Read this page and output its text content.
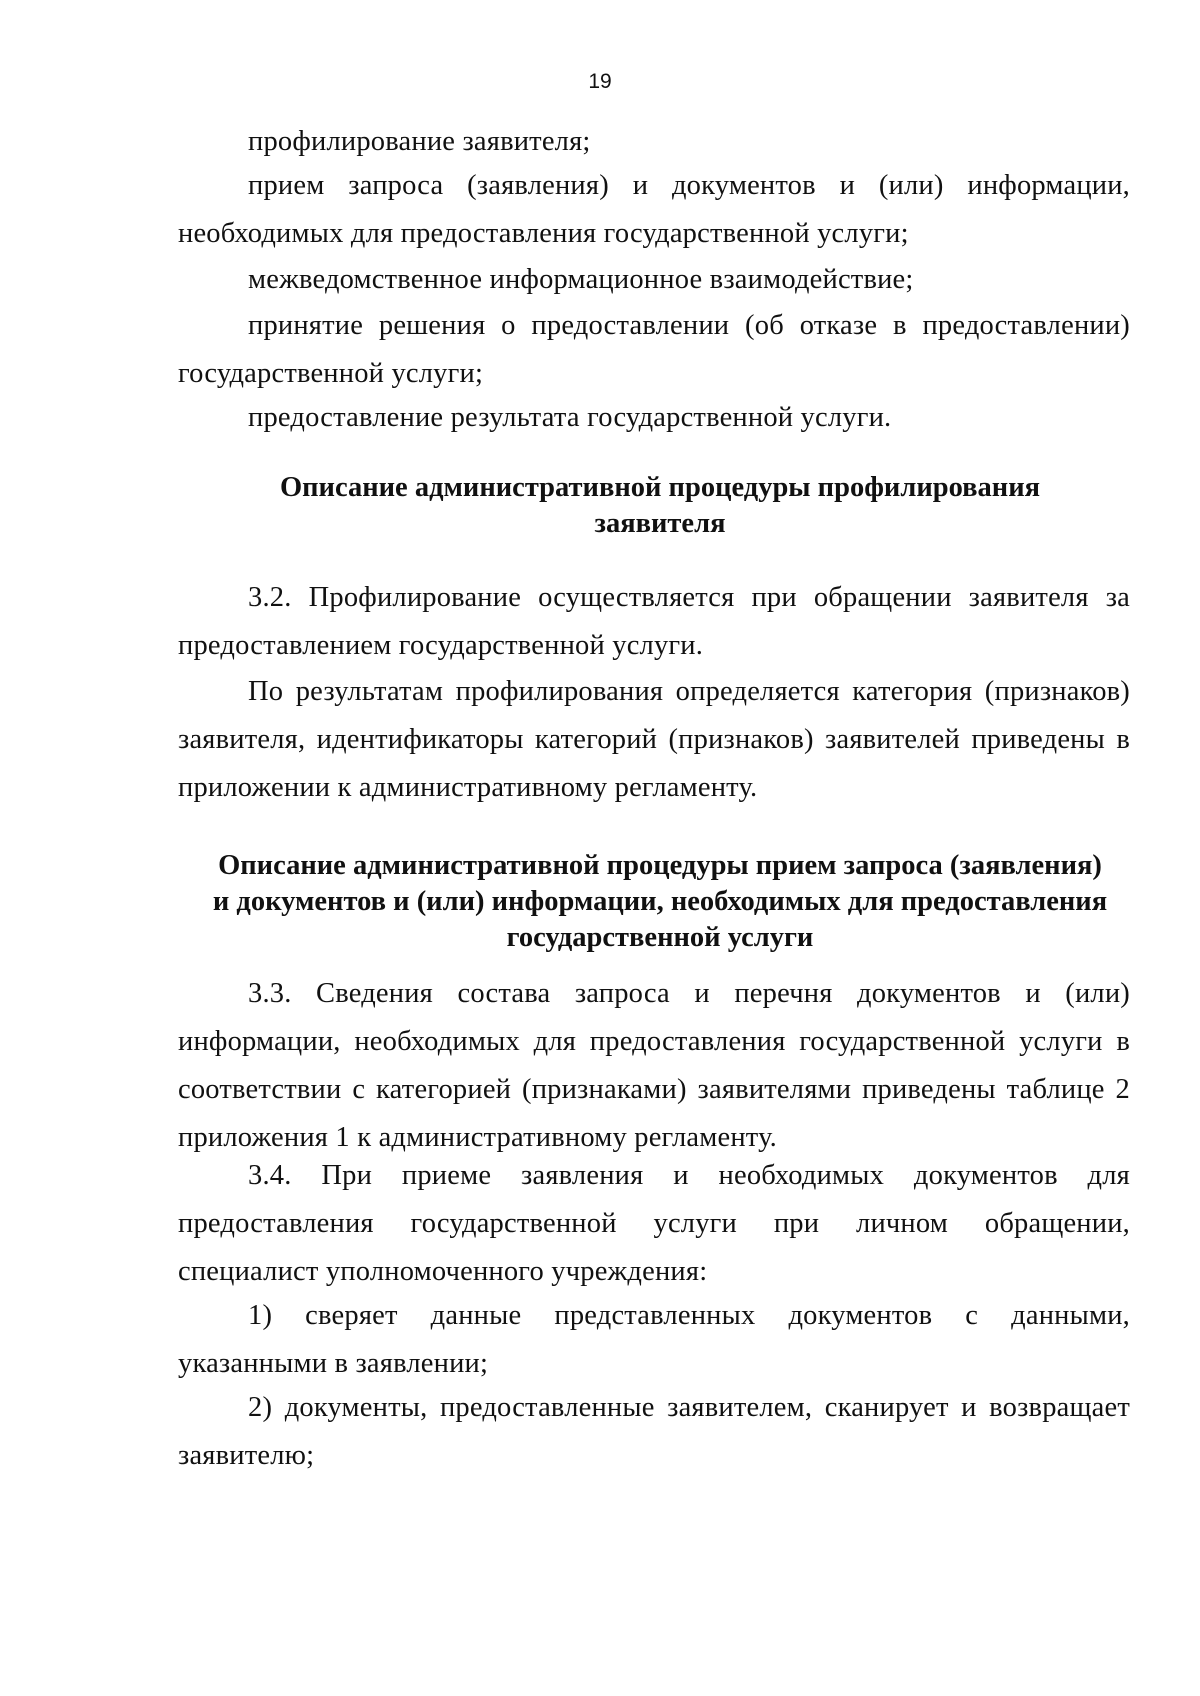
19

профилирование заявителя;

прием запроса (заявления) и документов и (или) информации, необходимых для предоставления государственной услуги;

межведомственное информационное взаимодействие;

принятие решения о предоставлении (об отказе в предоставлении) государственной услуги;

предоставление результата государственной услуги.

Описание административной процедуры профилирования заявителя

3.2. Профилирование осуществляется при обращении заявителя за предоставлением государственной услуги.

По результатам профилирования определяется категория (признаков) заявителя, идентификаторы категорий (признаков) заявителей приведены в приложении к административному регламенту.

Описание административной процедуры прием запроса (заявления) и документов и (или) информации, необходимых для предоставления государственной услуги

3.3. Сведения состава запроса и перечня документов и (или) информации, необходимых для предоставления государственной услуги в соответствии с категорией (признаками) заявителями приведены таблице 2 приложения 1 к административному регламенту.

3.4. При приеме заявления и необходимых документов для предоставления государственной услуги при личном обращении, специалист уполномоченного учреждения:

1) сверяет данные представленных документов с данными, указанными в заявлении;

2) документы, предоставленные заявителем, сканирует и возвращает заявителю;
